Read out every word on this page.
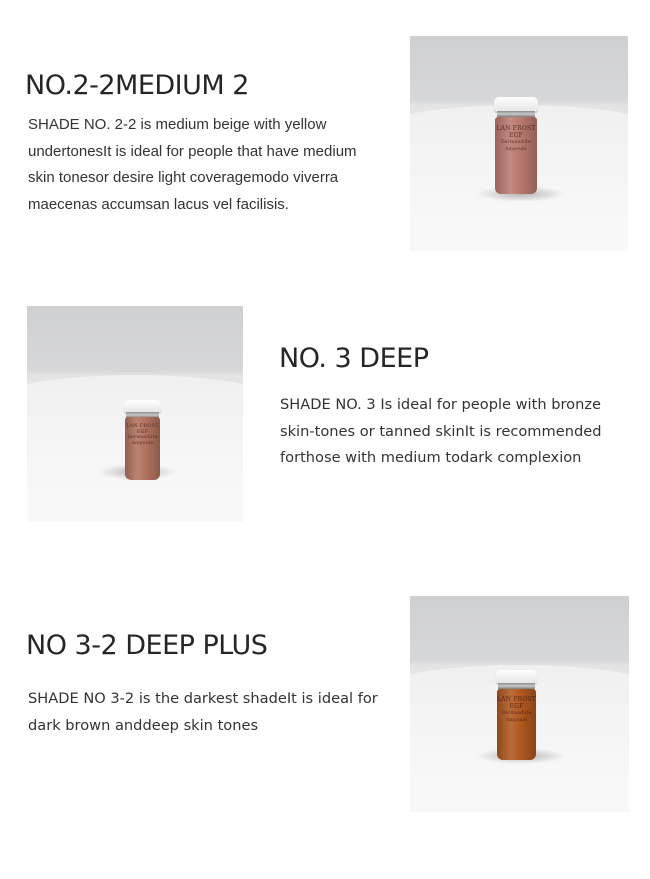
NO.2-2MEDIUM 2

SHADE NO. 2-2 is medium beige with yellow undertonesIt is ideal for people that have medium skin tonesor desire light coveragemodo viverra maecenas accumsan lacus vel facilisis.

LAN FROST
EGF

Dermawhite
Ampoule
LAN FROST
EGF

Dermawhite
Ampoule
NO. 3 DEEP

SHADE NO. 3 Is ideal for people with bronze skin-tones or tanned skinIt is recommended forthose with medium todark complexion

NO 3-2 DEEP PLUS

SHADE NO 3-2 is the darkest shadeIt is ideal for dark brown anddeep skin tones

LAN FROST
EGF

Dermawhite
Ampoule
